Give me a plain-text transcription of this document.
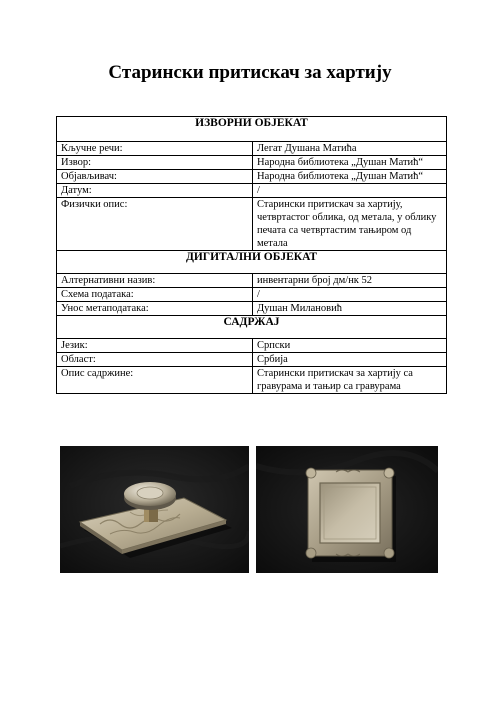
Старински притискач за хартију
ИЗВОРНИ ОБЈЕКАТ	
Кључне речи:	Легат Душана Матића
Извор:	Народна библиотека „Душан Матић“
Објављивач:	Народна библиотека „Душан Матић“
Датум:	/
Физички опис:	Старински притискач за хартију, четвртастог облика, од метала, у облику печата са четвртастим тањиром од метала
ДИГИТАЛНИ ОБЈЕКАТ	
Алтернативни назив:	инвентарни број дм/нк 52
Схема података:	/
Унос метаподатака:	Душан Милановић
САДРЖАЈ	
Језик:	Српски
Област:	Србија
Опис садржине:	Старински притискач за хартију са гравурама и тањир са гравурама
